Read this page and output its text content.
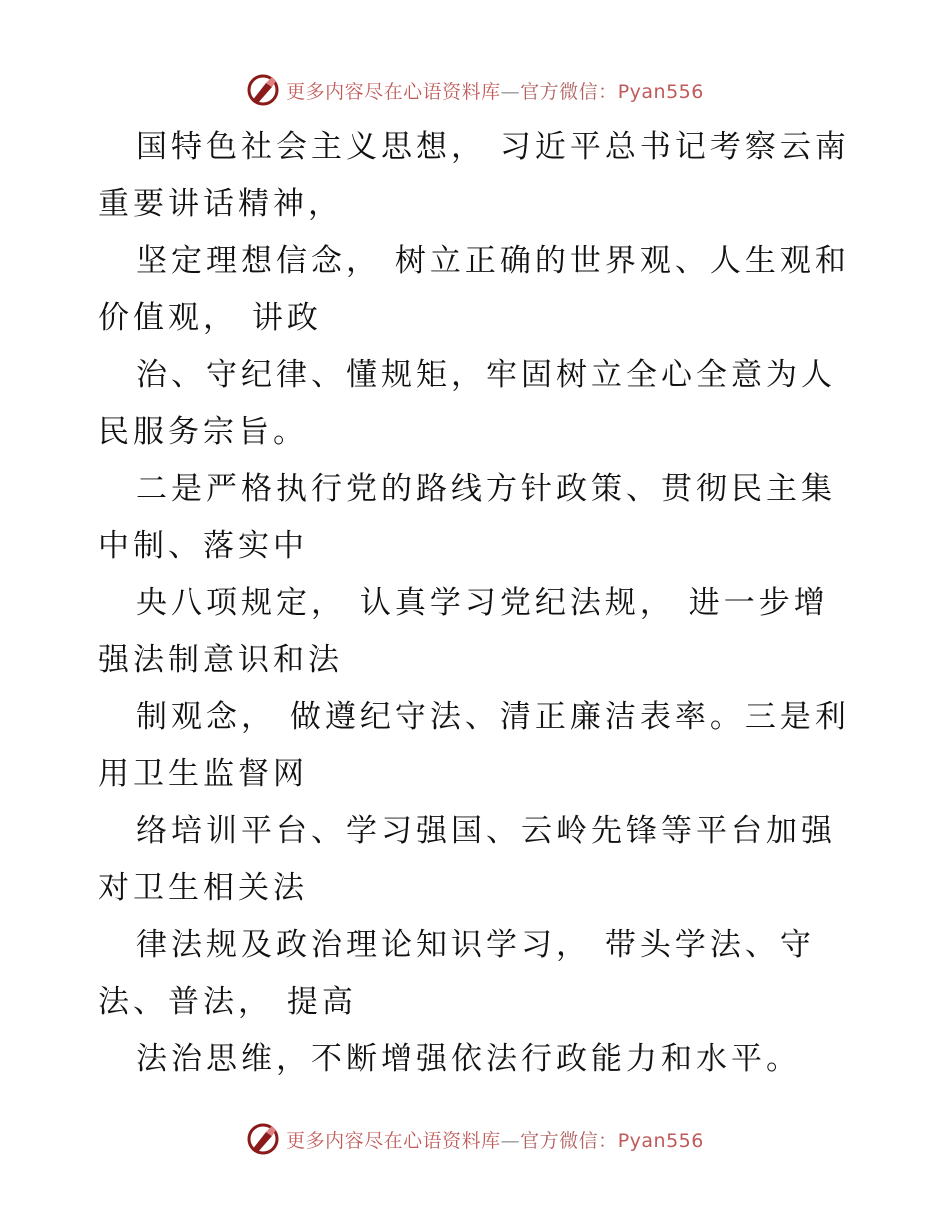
更多内容尽在心语资料库—官方微信：Pyan556

国特色社会主义思想， 习近平总书记考察云南重要讲话精神，

坚定理想信念， 树立正确的世界观、人生观和价值观， 讲政

治、守纪律、懂规矩，牢固树立全心全意为人民服务宗旨。

二是严格执行党的路线方针政策、贯彻民主集中制、落实中

央八项规定， 认真学习党纪法规， 进一步增强法制意识和法

制观念， 做遵纪守法、清正廉洁表率。三是利用卫生监督网

络培训平台、学习强国、云岭先锋等平台加强对卫生相关法

律法规及政治理论知识学习， 带头学法、守法、普法， 提高

法治思维，不断增强依法行政能力和水平。

更多内容尽在心语资料库—官方微信：Pyan556
